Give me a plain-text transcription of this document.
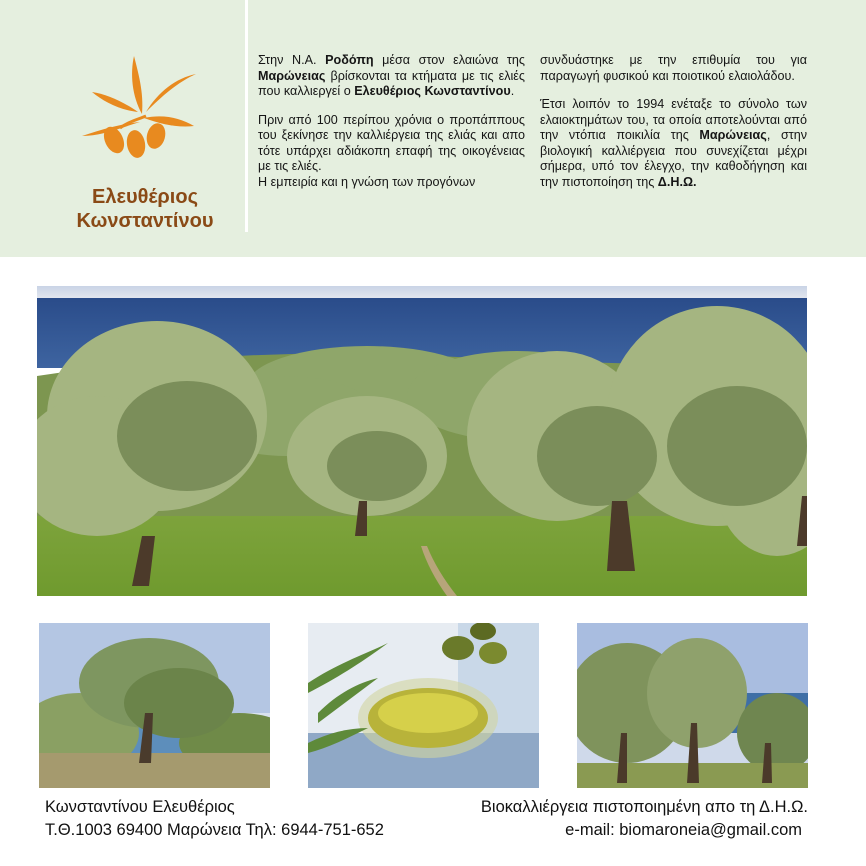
Ελευθέριος
Κωνσταντίνου

Στην Ν.Α. Ροδόπη μέσα στον ελαιώνα της Μαρώνειας βρίσκονται τα κτήματα με τις ελιές που καλλιεργεί ο Ελευθέριος Κωνσταντίνου.

Πριν από 100 περίπου χρόνια ο προπάππους του ξεκίνησε την καλλιέργεια της ελιάς και απο τότε υπάρχει αδιάκοπη επαφή της οικογένειας με τις ελιές.

Η εμπειρία και η γνώση των προγόνων

συνδυάστηκε με την επιθυμία του για παραγωγή φυσικού και ποιοτικού ελαιολάδου.

Έτσι λοιπόν το 1994 ενέταξε το σύνολο των ελαιοκτημάτων του, τα οποία αποτελούνται από την ντόπια ποικιλία της Μαρώνειας, στην βιολογική καλλιέργεια που συνεχίζεται μέχρι σήμερα, υπό τον έλεγχο, την καθοδήγηση και την πιστοποίηση της Δ.Η.Ω.

Κωνσταντίνου Ελευθέριος
Τ.Θ.1003 69400 Μαρώνεια Τηλ: 6944-751-652
Βιοκαλλιέργεια πιστοποιημένη απο τη Δ.Η.Ω.
e-mail: biomaroneia@gmail.com
